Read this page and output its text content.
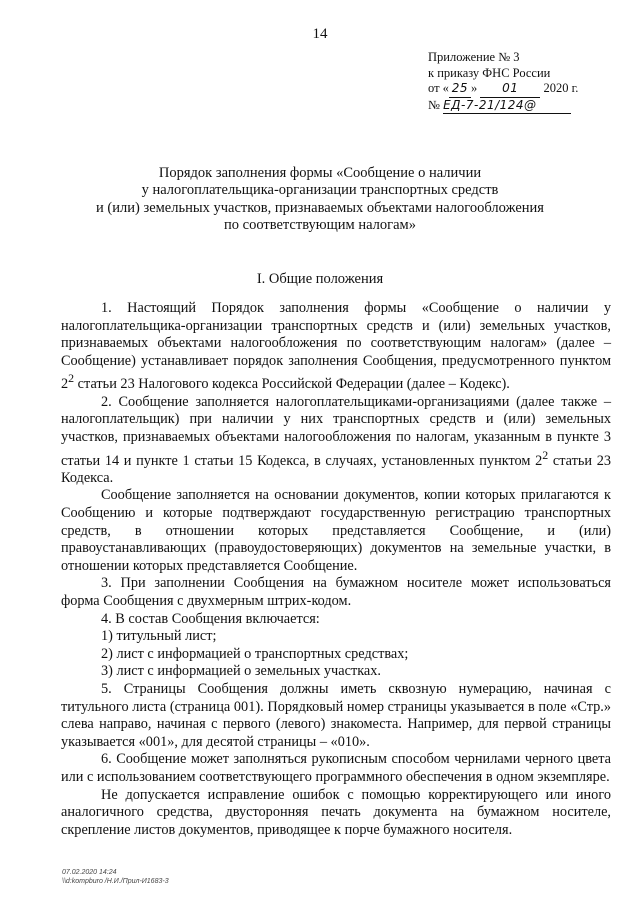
14
Приложение № 3
к приказу ФНС России
от « 25 » 01 2020 г.
№ ЕД-7-21/124@
Порядок заполнения формы «Сообщение о наличии
у налогоплательщика-организации транспортных средств
и (или) земельных участков, признаваемых объектами налогообложения
по соответствующим налогам»
I. Общие положения

1. Настоящий Порядок заполнения формы «Сообщение о наличии у налогоплательщика-организации транспортных средств и (или) земельных участков, признаваемых объектами налогообложения по соответствующим налогам» (далее – Сообщение) устанавливает порядок заполнения Сообщения, предусмотренного пунктом $2^2$ статьи 23 Налогового кодекса Российской Федерации (далее – Кодекс).

2. Сообщение заполняется налогоплательщиками-организациями (далее также – налогоплательщик) при наличии у них транспортных средств и (или) земельных участков, признаваемых объектами налогообложения по налогам, указанным в пункте 3 статьи 14 и пункте 1 статьи 15 Кодекса, в случаях, установленных пунктом $2^2$ статьи 23 Кодекса.

Сообщение заполняется на основании документов, копии которых прилагаются к Сообщению и которые подтверждают государственную регистрацию транспортных средств, в отношении которых представляется Сообщение, и (или) правоустанавливающих (правоудостоверяющих) документов на земельные участки, в отношении которых представляется Сообщение.

3. При заполнении Сообщения на бумажном носителе может использоваться форма Сообщения с двухмерным штрих-кодом.

4. В состав Сообщения включается:

1) титульный лист;

2) лист с информацией о транспортных средствах;

3) лист с информацией о земельных участках.

5. Страницы Сообщения должны иметь сквозную нумерацию, начиная с титульного листа (страница 001). Порядковый номер страницы указывается в поле «Стр.» слева направо, начиная с первого (левого) знакоместа. Например, для первой страницы указывается «001», для десятой страницы – «010».

6. Сообщение может заполняться рукописным способом чернилами черного цвета или с использованием соответствующего программного обеспечения в одном экземпляре.

Не допускается исправление ошибок с помощью корректирующего или иного аналогичного средства, двусторонняя печать документа на бумажном носителе, скрепление листов документов, приводящее к порче бумажного носителя.

07.02.2020 14:24
\\d:kompburo /Н.И./Прил-И1683-3
